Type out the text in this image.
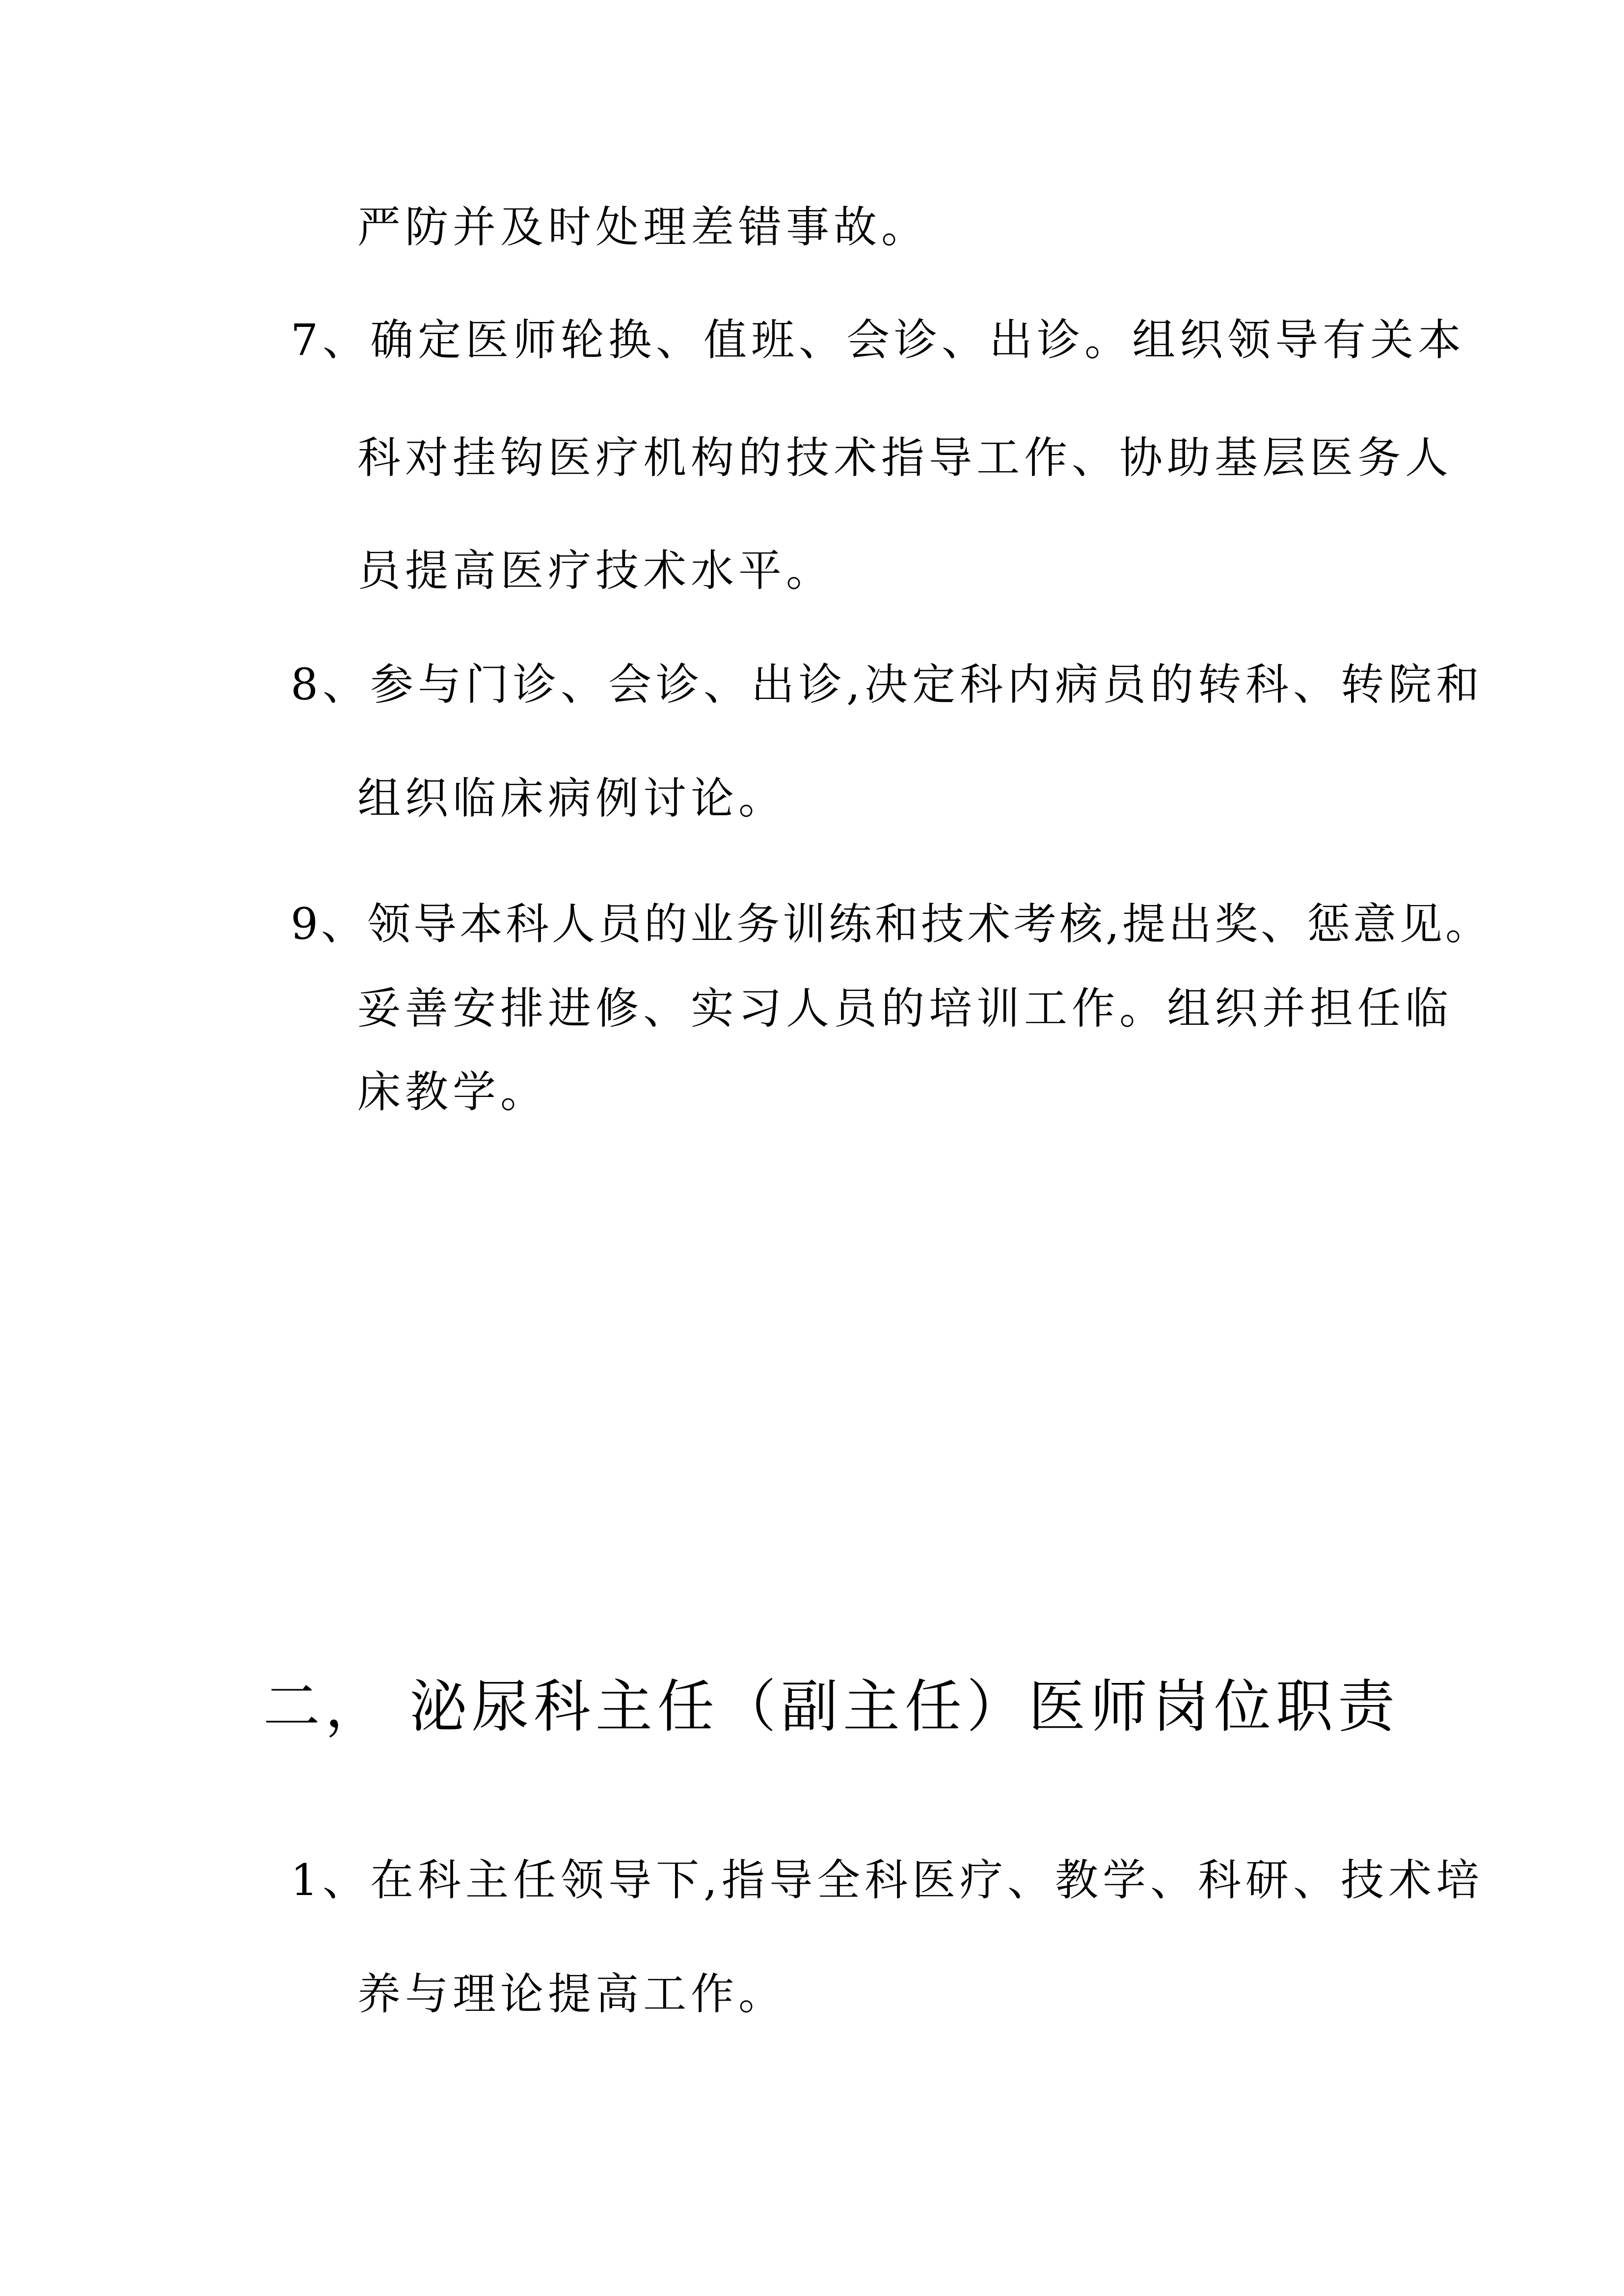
严防并及时处理差错事故。
7、确定医师轮换、值班、会诊、出诊。组织领导有关本
科对挂钩医疗机构的技术指导工作、协助基层医务人
员提高医疗技术水平。
8、参与门诊、会诊、出诊,决定科内病员的转科、转院和
组织临床病例讨论。
9、领导本科人员的业务训练和技术考核,提出奖、惩意见。
妥善安排进修、实习人员的培训工作。组织并担任临
床教学。
二， 泌尿科主任（副主任）医师岗位职责
1、在科主任领导下,指导全科医疗、教学、科研、技术培
养与理论提高工作。
